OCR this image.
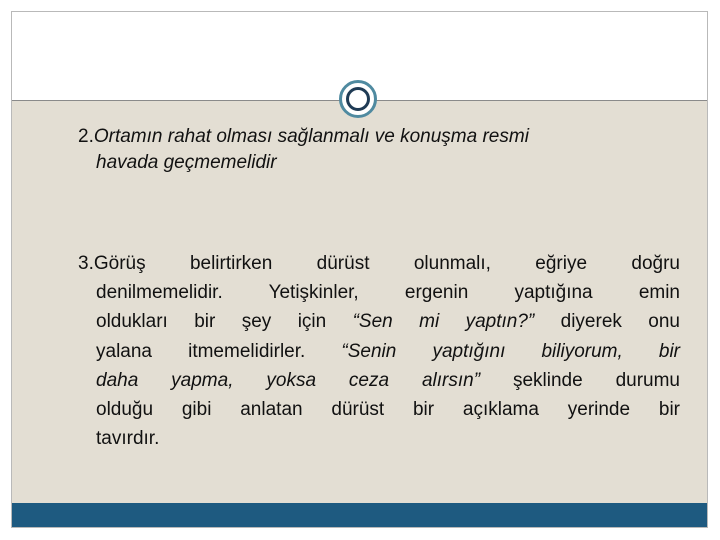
2.Ortamın rahat olması sağlanmalı ve konuşma resmi
havada geçmemelidir
3.Görüş belirtirken dürüst olunmalı, eğriye doğru
denilmemelidir. Yetişkinler, ergenin yaptığına emin
oldukları bir şey için “Sen mi yaptın?” diyerek onu
yalana itmemelidirler. “Senin yaptığını biliyorum, bir
daha yapma, yoksa ceza alırsın” şeklinde durumu
olduğu gibi anlatan dürüst bir açıklama yerinde bir
tavırdır.
